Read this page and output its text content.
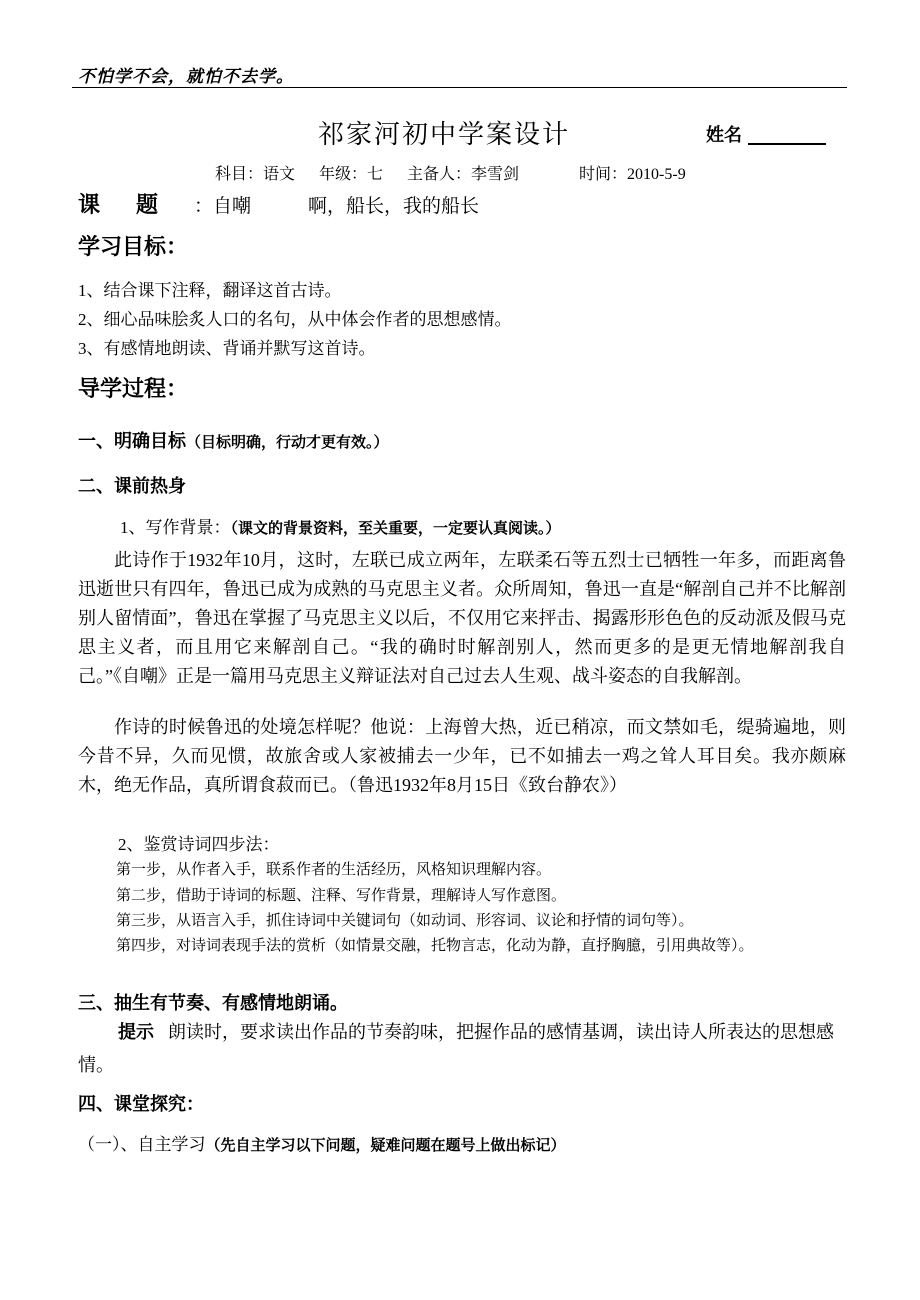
不怕学不会，就怕不去学。
祁家河初中学案设计	姓名
科目：语文 年级：七 主备人：李雪剑	时间：2010-5-9
课题：自嘲　　　啊，船长，我的船长
学习目标：
1、结合课下注释，翻译这首古诗。
2、细心品味脍炙人口的名句，从中体会作者的思想感情。
3、有感情地朗读、背诵并默写这首诗。
导学过程：
一、明确目标（目标明确，行动才更有效。）
二、课前热身
1、写作背景：（课文的背景资料，至关重要，一定要认真阅读。）

此诗作于1932年10月，这时，左联已成立两年，左联柔石等五烈士已牺牲一年多，而距离鲁迅逝世只有四年，鲁迅已成为成熟的马克思主义者。众所周知，鲁迅一直是“解剖自己并不比解剖别人留情面”，鲁迅在掌握了马克思主义以后，不仅用它来抨击、揭露形形色色的反动派及假马克思主义者，而且用它来解剖自己。“我的确时时解剖别人，然而更多的是更无情地解剖我自己。”《自嘲》正是一篇用马克思主义辩证法对自己过去人生观、战斗姿态的自我解剖。

作诗的时候鲁迅的处境怎样呢？他说：上海曾大热，近已稍凉，而文禁如毛，缇骑遍地，则今昔不异，久而见惯，故旅舍或人家被捕去一少年，已不如捕去一鸡之耸人耳目矣。我亦颇麻木，绝无作品，真所谓食菽而已。（鲁迅1932年8月15日《致台静农》）

2、鉴赏诗词四步法：
第一步，从作者入手，联系作者的生活经历，风格知识理解内容。
第二步，借助于诗词的标题、注释、写作背景，理解诗人写作意图。
第三步，从语言入手，抓住诗词中关键词句（如动词、形容词、议论和抒情的词句等）。

第四步，对诗词表现手法的赏析（如情景交融，托物言志，化动为静，直抒胸臆，引用典故等）。

三、抽生有节奏、有感情地朗诵。

提示 朗读时，要求读出作品的节奏韵味，把握作品的感情基调，读出诗人所表达的思想感情。

四、课堂探究：
（一）、自主学习（先自主学习以下问题，疑难问题在题号上做出标记）
